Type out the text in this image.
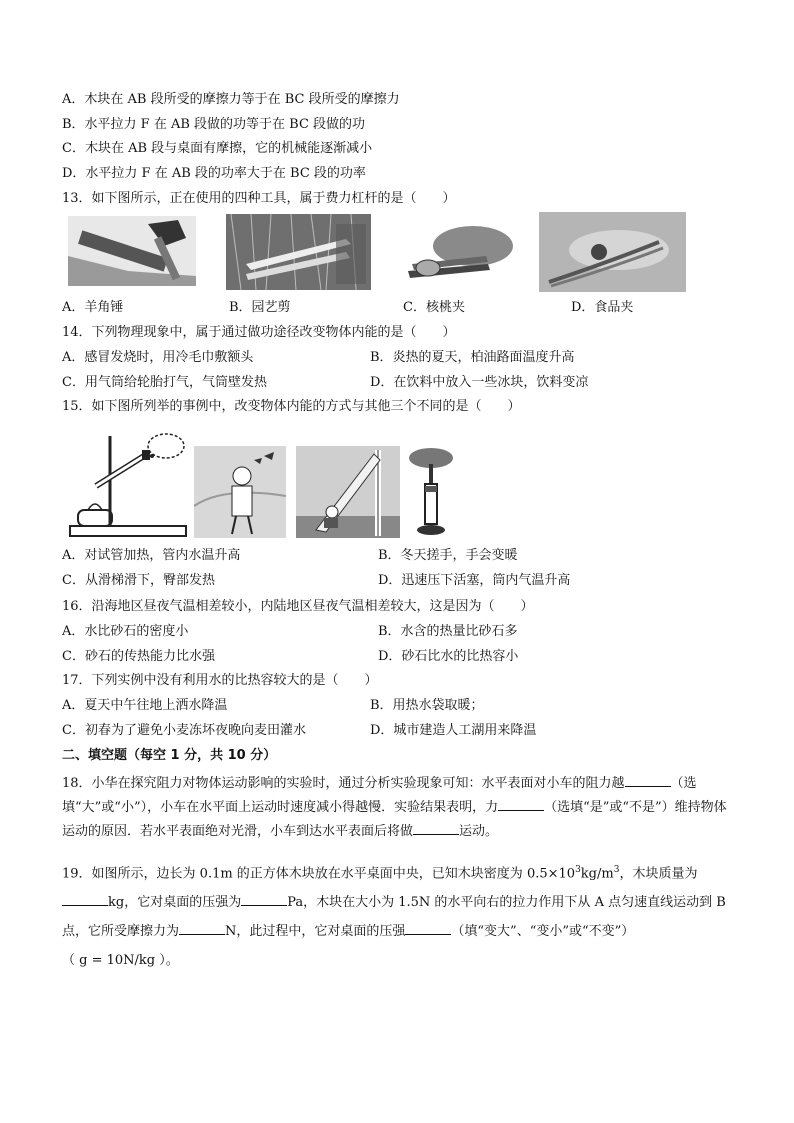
A．木块在 AB 段所受的摩擦力等于在 BC 段所受的摩擦力
B．水平拉力 F 在 AB 段做的功等于在 BC 段做的功
C．木块在 AB 段与桌面有摩擦，它的机械能逐渐减小
D．水平拉力 F 在 AB 段的功率大于在 BC 段的功率
13．如下图所示，正在使用的四种工具，属于费力杠杆的是（　　）
A．羊角锤	B．园艺剪	C．核桃夹	D．食品夹
14．下列物理现象中，属于通过做功途径改变物体内能的是（　　）
A．感冒发烧时，用冷毛巾敷额头	B．炎热的夏天，柏油路面温度升高
C．用气筒给轮胎打气，气筒壁发热	D．在饮料中放入一些冰块，饮料变凉
15．如下图所列举的事例中，改变物体内能的方式与其他三个不同的是（　　）
A．对试管加热，管内水温升高	B．冬天搓手，手会变暖
C．从滑梯滑下，臀部发热	D．迅速压下活塞，筒内气温升高
16．沿海地区昼夜气温相差较小，内陆地区昼夜气温相差较大，这是因为（　　）
A．水比砂石的密度小	B．水含的热量比砂石多
C．砂石的传热能力比水强	D．砂石比水的比热容小
17．下列实例中没有利用水的比热容较大的是（　　）
A．夏天中午往地上洒水降温	B．用热水袋取暖；
C．初春为了避免小麦冻坏夜晚向麦田灌水	D．城市建造人工湖用来降温
二、填空题（每空 1 分，共 10 分）
18．小华在探究阻力对物体运动影响的实验时，通过分析实验现象可知：水平表面对小车的阻力越	（选填“大”或“小”），小车在水平面上运动时速度减小得越慢．实验结果表明，力	（选填“是”或“不是”）维持物体运动的原因．若水平表面绝对光滑，小车到达水平表面后将做	运动。
19．如图所示，边长为 0.1m 的正方体木块放在水平桌面中央，已知木块密度为 $0.5\times 10^3kg/m^3$，木块质量为
kg，它对桌面的压强为	Pa，木块在大小为 1.5N 的水平向右的拉力作用下从 A 点匀速直线运动到 B 点，它所受摩擦力为	N，此过程中，它对桌面的压强	（填“变大”、“变小”或“不变”）
（ g = 10N/kg ）。
